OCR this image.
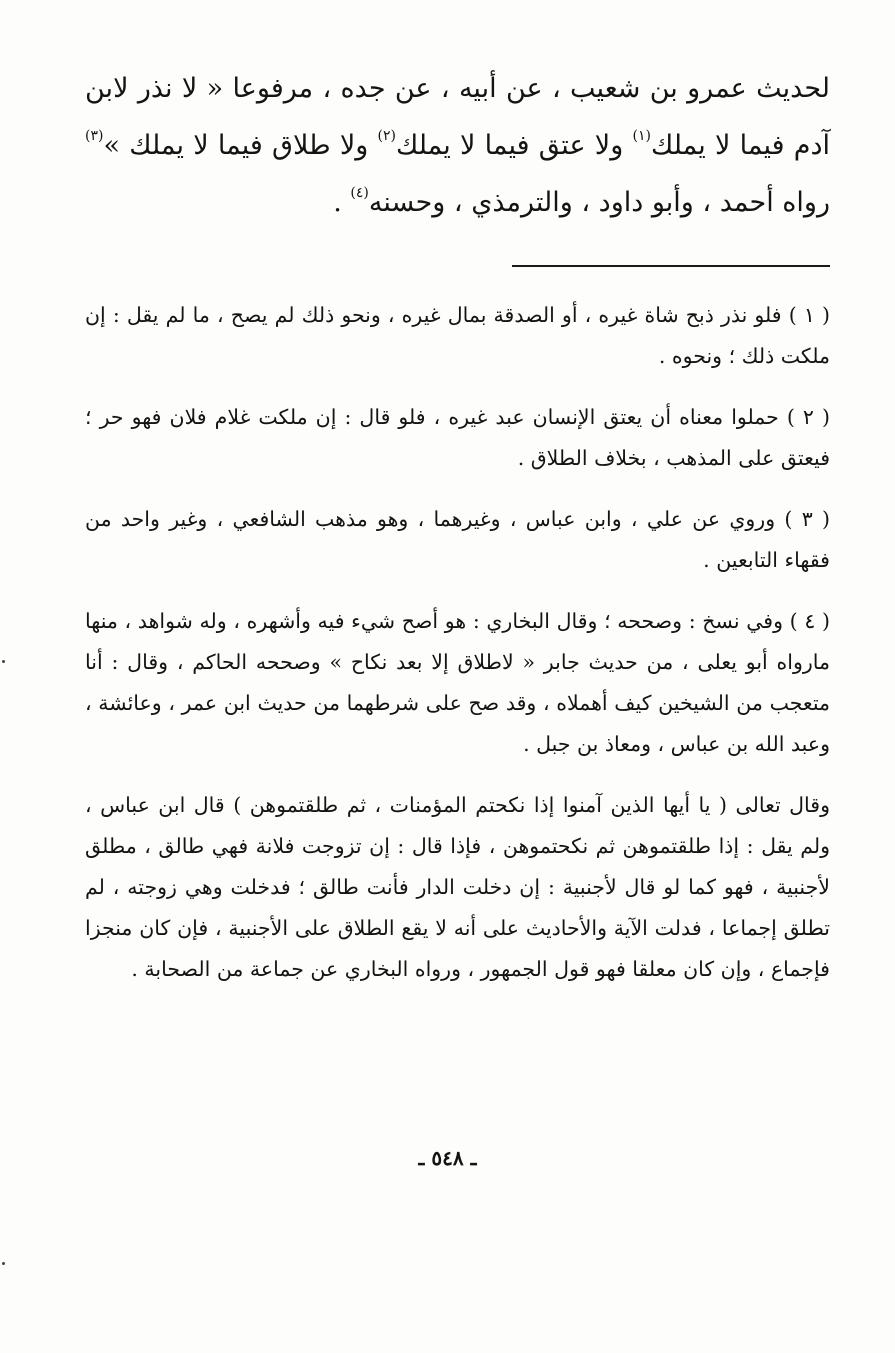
لحديث عمرو بن شعيب ، عن أبيه ، عن جده ، مرفوعا « لا نذر لابن آدم فيما لا يملك$^{(١)}$ ولا عتق فيما لا يملك$^{(٢)}$ ولا طلاق فيما لا يملك »$^{(٣)}$ رواه أحمد ، وأبو داود ، والترمذي ، وحسنه$^{(٤)}$ .

( ١ ) فلو نذر ذبح شاة غيره ، أو الصدقة بمال غيره ، ونحو ذلك لم يصح ، ما لم يقل : إن ملكت ذلك ؛ ونحوه .

( ٢ ) حملوا معناه أن يعتق الإنسان عبد غيره ، فلو قال : إن ملكت غلام فلان فهو حر ؛ فيعتق على المذهب ، بخلاف الطلاق .

( ٣ ) وروي عن علي ، وابن عباس ، وغيرهما ، وهو مذهب الشافعي ، وغير واحد من فقهاء التابعين .

( ٤ ) وفي نسخ : وصححه ؛ وقال البخاري : هو أصح شيء فيه وأشهره ، وله شواهد ، منها مارواه أبو يعلى ، من حديث جابر « لاطلاق إلا بعد نكاح » وصححه الحاكم ، وقال : أنا متعجب من الشيخين كيف أهملاه ، وقد صح على شرطهما من حديث ابن عمر ، وعائشة ، وعبد الله بن عباس ، ومعاذ بن جبل .

وقال تعالى ( يا أيها الذين آمنوا إذا نكحتم المؤمنات ، ثم طلقتموهن ) قال ابن عباس ، ولم يقل : إذا طلقتموهن ثم نكحتموهن ، فإذا قال : إن تزوجت فلانة فهي طالق ، مطلق لأجنبية ، فهو كما لو قال لأجنبية : إن دخلت الدار فأنت طالق ؛ فدخلت وهي زوجته ، لم تطلق إجماعا ، فدلت الآية والأحاديث على أنه لا يقع الطلاق على الأجنبية ، فإن كان منجزا فإجماع ، وإن كان معلقا فهو قول الجمهور ، ورواه البخاري عن جماعة من الصحابة .

ـ ٥٤٨ ـ
